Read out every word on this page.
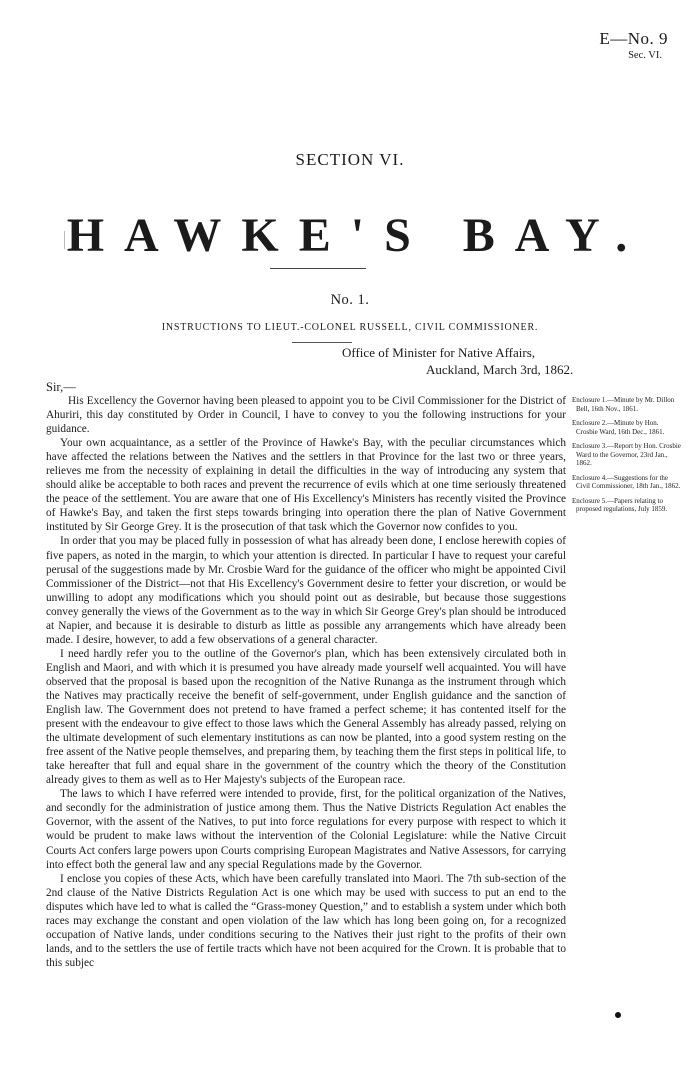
E—No. 9
Sec. VI.
SECTION VI.
HAWKE'S BAY.
No. 1.
INSTRUCTIONS TO LIEUT.-COLONEL RUSSELL, CIVIL COMMISSIONER.
Office of Minister for Native Affairs,
Auckland, March 3rd, 1862.
Sir,—

His Excellency the Governor having been pleased to appoint you to be Civil Commissioner for the District of Ahuriri, this day constituted by Order in Council, I have to convey to you the following instructions for your guidance.

Your own acquaintance, as a settler of the Province of Hawke's Bay, with the peculiar circumstances which have affected the relations between the Natives and the settlers in that Province for the last two or three years, relieves me from the necessity of explaining in detail the difficulties in the way of introducing any system that should alike be acceptable to both races and prevent the recurrence of evils which at one time seriously threatened the peace of the settlement. You are aware that one of His Excellency's Ministers has recently visited the Province of Hawke's Bay, and taken the first steps towards bringing into operation there the plan of Native Government instituted by Sir George Grey. It is the prosecution of that task which the Governor now confides to you.

In order that you may be placed fully in possession of what has already been done, I enclose herewith copies of five papers, as noted in the margin, to which your attention is directed. In particular I have to request your careful perusal of the suggestions made by Mr. Crosbie Ward for the guidance of the officer who might be appointed Civil Commissioner of the District—not that His Excellency's Government desire to fetter your discretion, or would be unwilling to adopt any modifications which you should point out as desirable, but because those suggestions convey generally the views of the Government as to the way in which Sir George Grey's plan should be introduced at Napier, and because it is desirable to disturb as little as possible any arrangements which have already been made. I desire, however, to add a few observations of a general character.

I need hardly refer you to the outline of the Governor's plan, which has been extensively circulated both in English and Maori, and with which it is presumed you have already made yourself well acquainted. You will have observed that the proposal is based upon the recognition of the Native Runanga as the instrument through which the Natives may practically receive the benefit of self-government, under English guidance and the sanction of English law. The Government does not pretend to have framed a perfect scheme; it has contented itself for the present with the endeavour to give effect to those laws which the General Assembly has already passed, relying on the ultimate development of such elementary institutions as can now be planted, into a good system resting on the free assent of the Native people themselves, and preparing them, by teaching them the first steps in political life, to take hereafter that full and equal share in the government of the country which the theory of the Constitution already gives to them as well as to Her Majesty's subjects of the European race.

The laws to which I have referred were intended to provide, first, for the political organization of the Natives, and secondly for the administration of justice among them. Thus the Native Districts Regulation Act enables the Governor, with the assent of the Natives, to put into force regulations for every purpose with respect to which it would be prudent to make laws without the intervention of the Colonial Legislature: while the Native Circuit Courts Act confers large powers upon Courts comprising European Magistrates and Native Assessors, for carrying into effect both the general law and any special Regulations made by the Governor.

I enclose you copies of these Acts, which have been carefully translated into Maori. The 7th sub-section of the 2nd clause of the Native Districts Regulation Act is one which may be used with success to put an end to the disputes which have led to what is called the “Grass-money Question,” and to establish a system under which both races may exchange the constant and open violation of the law which has long been going on, for a recognized occupation of Native lands, under conditions securing to the Natives their just right to the profits of their own lands, and to the settlers the use of fertile tracts which have not been acquired for the Crown. It is probable that to this subjec

Enclosure 1.—Minute by Mr. Dillon Bell, 16th Nov., 1861.
Enclosure 2.—Minute by Hon. Crosbie Ward, 16th Dec., 1861.
Enclosure 3.—Report by Hon. Crosbie Ward to the Governor, 23rd Jan., 1862.
Enclosure 4.—Suggestions for the Civil Commissioner, 18th Jan., 1862.
Enclosure 5.—Papers relating to proposed regulations, July 1859.
